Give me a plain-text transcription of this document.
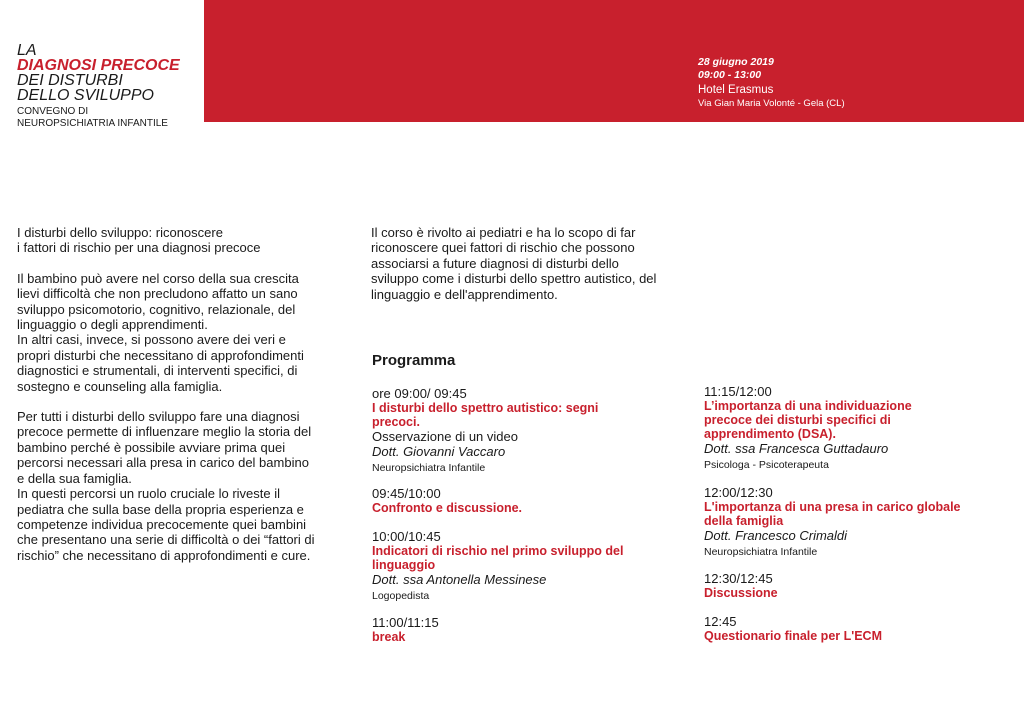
LA
DIAGNOSI PRECOCE
DEI DISTURBI
DELLO SVILUPPO
CONVEGNO DI
NEUROPSICHIATRIA INFANTILE
28 giugno 2019
09:00 - 13:00
Hotel Erasmus
Via Gian Maria Volonté - Gela (CL)

I disturbi dello sviluppo: riconoscere

i fattori di rischio per una diagnosi precoce

Il bambino può avere nel corso della sua crescita lievi difficoltà che non precludono affatto un sano sviluppo psicomotorio, cognitivo, relazionale, del linguaggio o degli apprendimenti.

In altri casi, invece, si possono avere dei veri e propri disturbi che necessitano di approfondimenti diagnostici e strumentali, di interventi specifici, di sostegno e counseling alla famiglia.

Per tutti i disturbi dello sviluppo fare una diagnosi precoce permette di influenzare meglio la storia del bambino perché è possibile avviare prima quei percorsi necessari alla presa in carico del bambino e della sua famiglia.

In questi percorsi un ruolo cruciale lo riveste il pediatra che sulla base della propria esperienza e competenze individua precocemente quei bambini che presentano una serie di difficoltà o dei “fattori di rischio” che necessitano di approfondimenti e cure.

Il corso è rivolto ai pediatri e ha lo scopo di far riconoscere quei fattori di rischio che possono associarsi a future diagnosi di disturbi dello sviluppo come i disturbi dello spettro autistico, del linguaggio e dell'apprendimento.

Programma
ore 09:00/ 09:45
I disturbi dello spettro autistico: segni precoci.
Osservazione di un video
Dott. Giovanni Vaccaro
Neuropsichiatra Infantile
09:45/10:00
Confronto e discussione.
10:00/10:45
Indicatori di rischio nel primo sviluppo del linguaggio
Dott. ssa Antonella Messinese
Logopedista
11:00/11:15
break
11:15/12:00
L’importanza di una individuazione precoce dei disturbi specifici di apprendimento (DSA).
Dott. ssa Francesca Guttadauro
Psicologa - Psicoterapeuta
12:00/12:30
L'importanza di una presa in carico globale della famiglia
Dott. Francesco Crimaldi
Neuropsichiatra Infantile
12:30/12:45
Discussione
12:45
Questionario finale per L'ECM
